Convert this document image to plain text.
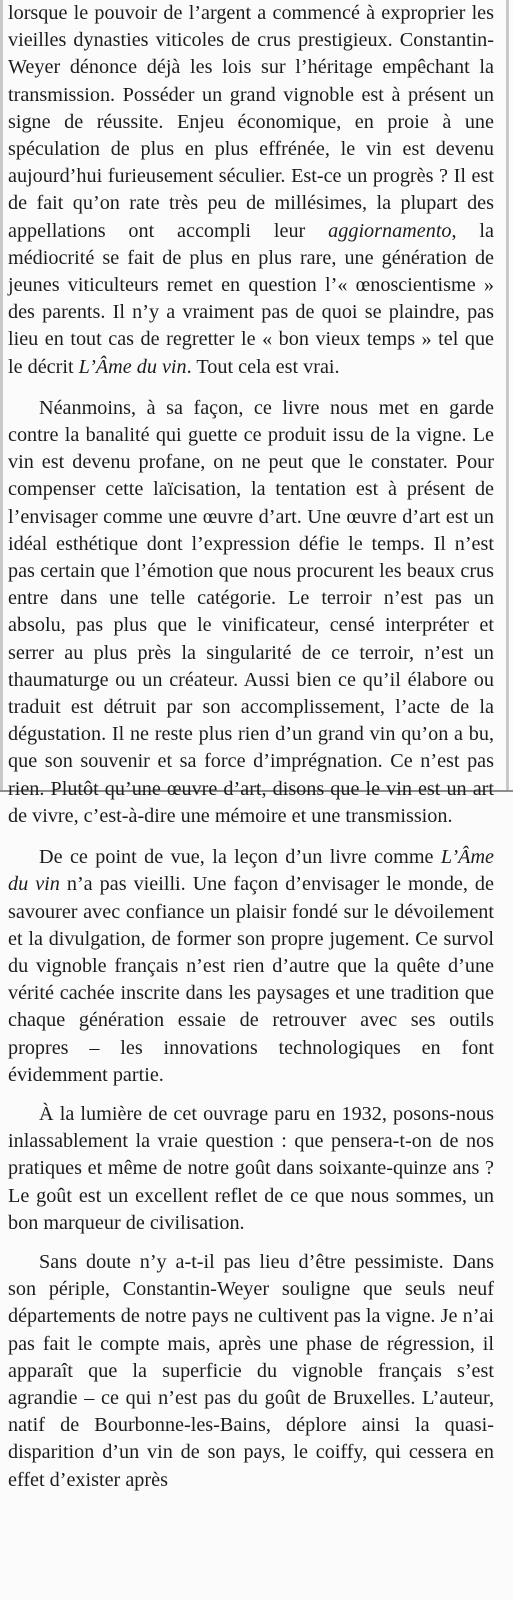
lorsque le pouvoir de l’argent a commencé à exproprier les vieilles dynasties viticoles de crus prestigieux. Constantin-Weyer dénonce déjà les lois sur l’héritage empêchant la transmission. Posséder un grand vignoble est à présent un signe de réussite. Enjeu économique, en proie à une spéculation de plus en plus effrénée, le vin est devenu aujourd’hui furieusement séculier. Est-ce un progrès ? Il est de fait qu’on rate très peu de millésimes, la plupart des appellations ont accompli leur aggiornamento, la médiocrité se fait de plus en plus rare, une génération de jeunes viticulteurs remet en question l’« œnoscientisme » des parents. Il n’y a vraiment pas de quoi se plaindre, pas lieu en tout cas de regretter le « bon vieux temps » tel que le décrit L’Âme du vin. Tout cela est vrai.

Néanmoins, à sa façon, ce livre nous met en garde contre la banalité qui guette ce produit issu de la vigne. Le vin est devenu profane, on ne peut que le constater. Pour compenser cette laïcisation, la tentation est à présent de l’envisager comme une œuvre d’art. Une œuvre d’art est un idéal esthétique dont l’expression défie le temps. Il n’est pas certain que l’émotion que nous procurent les beaux crus entre dans une telle catégorie. Le terroir n’est pas un absolu, pas plus que le vinificateur, censé interpréter et serrer au plus près la singularité de ce terroir, n’est un thaumaturge ou un créateur. Aussi bien ce qu’il élabore ou traduit est détruit par son accomplissement, l’acte de la dégustation. Il ne reste plus rien d’un grand vin qu’on a bu, que son souvenir et sa force d’imprégnation. Ce n’est pas rien. Plutôt qu’une œuvre d’art, disons que le vin est un art de vivre, c’est-à-dire une mémoire et une transmission.

De ce point de vue, la leçon d’un livre comme L’Âme du vin n’a pas vieilli. Une façon d’envisager le monde, de savourer avec confiance un plaisir fondé sur le dévoilement et la divulgation, de former son propre jugement. Ce survol du vignoble français n’est rien d’autre que la quête d’une vérité cachée inscrite dans les paysages et une tradition que chaque génération essaie de retrouver avec ses outils propres – les innovations technologiques en font évidemment partie.

À la lumière de cet ouvrage paru en 1932, posons-nous inlassablement la vraie question : que pensera-t-on de nos pratiques et même de notre goût dans soixante-quinze ans ? Le goût est un excellent reflet de ce que nous sommes, un bon marqueur de civilisation.

Sans doute n’y a-t-il pas lieu d’être pessimiste. Dans son périple, Constantin-Weyer souligne que seuls neuf départements de notre pays ne cultivent pas la vigne. Je n’ai pas fait le compte mais, après une phase de régression, il apparaît que la superficie du vignoble français s’est agrandie – ce qui n’est pas du goût de Bruxelles. L’auteur, natif de Bourbonne-les-Bains, déplore ainsi la quasi-disparition d’un vin de son pays, le coiffy, qui cessera en effet d’exister après
